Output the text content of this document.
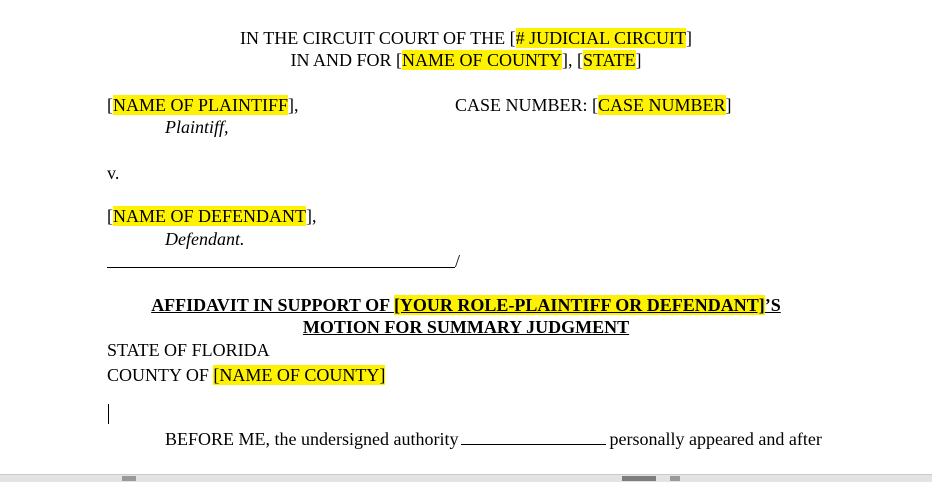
IN THE CIRCUIT COURT OF THE [# JUDICIAL CIRCUIT]
IN AND FOR [NAME OF COUNTY], [STATE]
[NAME OF PLAINTIFF],
Plaintiff,
CASE NUMBER: [CASE NUMBER]
v.
[NAME OF DEFENDANT],
Defendant.
/
AFFIDAVIT IN SUPPORT OF [YOUR ROLE-PLAINTIFF OR DEFENDANT]’S
MOTION FOR SUMMARY JUDGMENT
STATE OF FLORIDA
COUNTY OF [NAME OF COUNTY]
BEFORE ME, the undersigned authority	personally appeared and after
